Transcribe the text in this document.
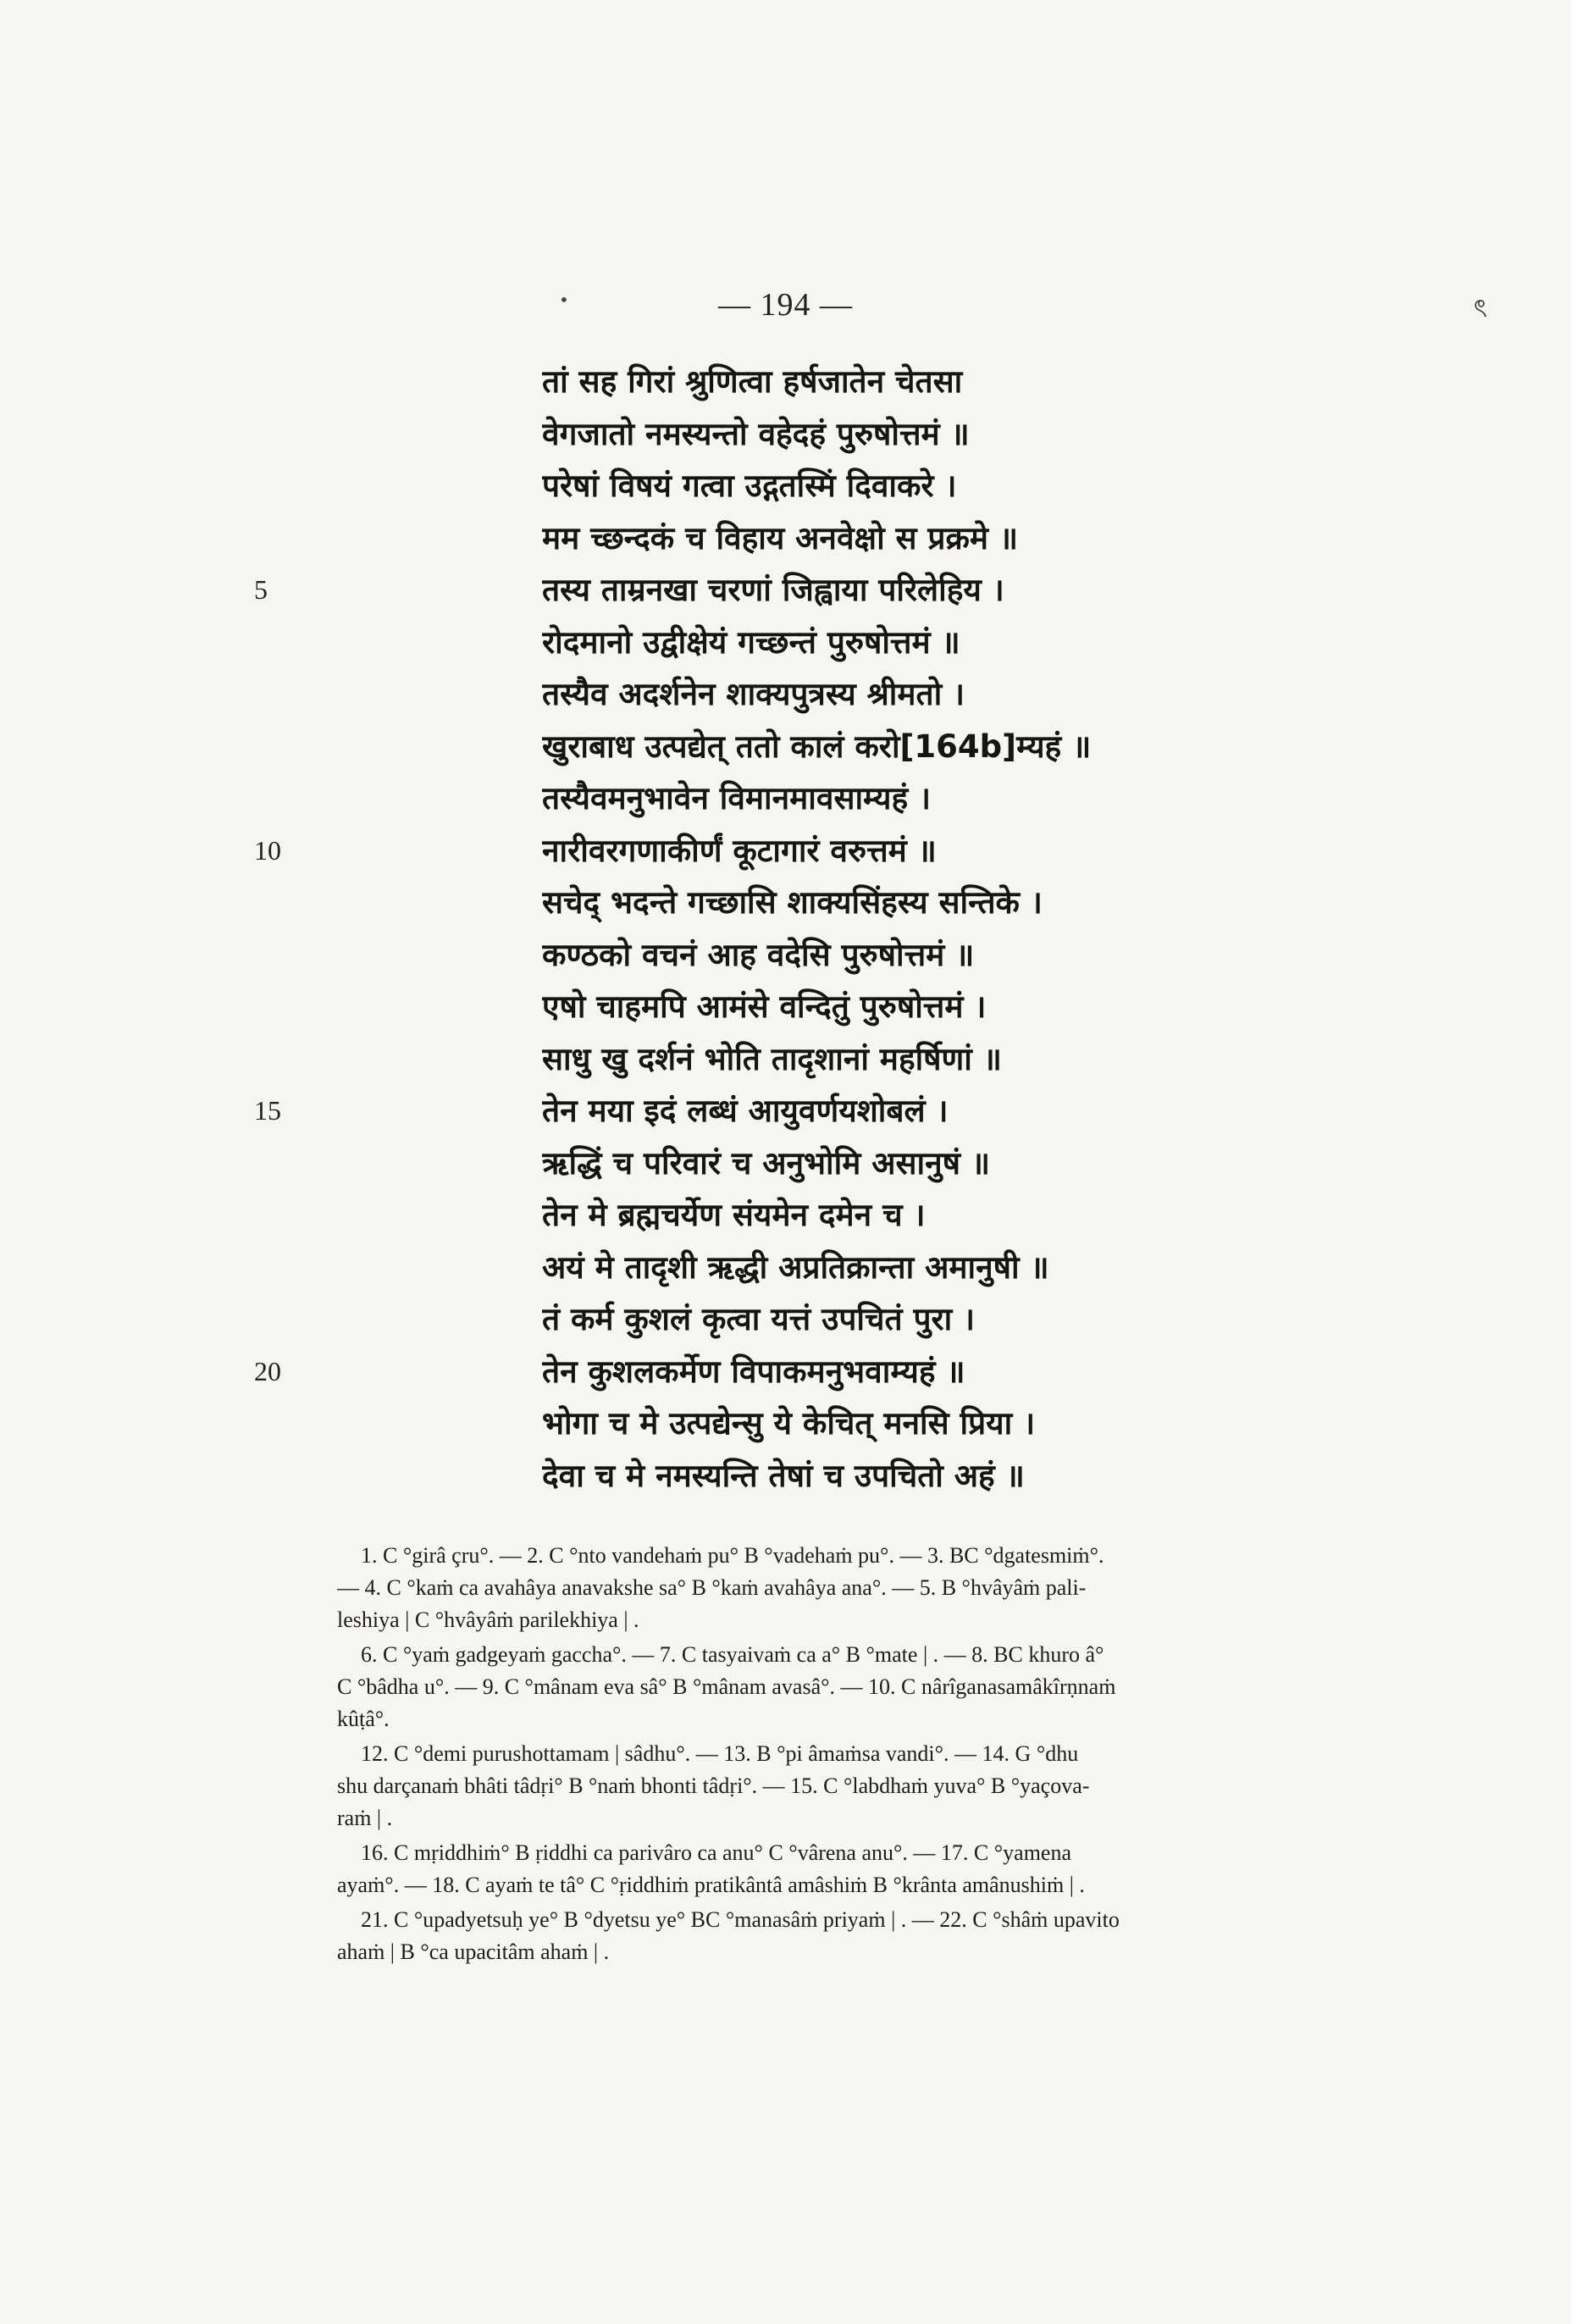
•	ৎ
— 194 —
5
10
15
20
तां सह गिरां श्रुणित्वा हर्षजातेन चेतसा
वेगजातो नमस्यन्तो वहेदहं पुरुषोत्तमं ॥
परेषां विषयं गत्वा उद्गतस्मिं दिवाकरे ।
मम च्छन्दकं च विहाय अनवेक्षो स प्रक्रमे ॥
तस्य ताम्रनखा चरणां जिह्वाया परिलेहिय ।
रोदमानो उद्वीक्षेयं गच्छन्तं पुरुषोत्तमं ॥
तस्यैव अदर्शनेन शाक्यपुत्रस्य श्रीमतो ।
खुराबाध उत्पद्येत् ततो कालं करो[164b]म्यहं ॥
तस्यैवमनुभावेन विमानमावसाम्यहं ।
नारीवरगणाकीर्णं कूटागारं वरुत्तमं ॥
सचेद् भदन्ते गच्छासि शाक्यसिंहस्य सन्तिके ।
कण्ठको वचनं आह वदेसि पुरुषोत्तमं ॥
एषो चाहमपि आमंसे वन्दितुं पुरुषोत्तमं ।
साधु खु दर्शनं भोति तादृशानां महर्षिणां ॥
तेन मया इदं लब्धं आयुवर्णयशोबलं ।
ऋद्धिं च परिवारं च अनुभोमि असानुषं ॥
तेन मे ब्रह्मचर्येण संयमेन दमेन च ।
अयं मे तादृशी ऋद्धी अप्रतिक्रान्ता अमानुषी ॥
तं कर्म कुशलं कृत्वा यत्तं उपचितं पुरा ।
तेन कुशलकर्मेण विपाकमनुभवाम्यहं ॥
भोगा च मे उत्पद्येन्सु ये केचित् मनसि प्रिया ।
देवा च मे नमस्यन्ति तेषां च उपचितो अहं ॥
1. C °girâ çru°. — 2. C °nto vandehaṁ pu° B °vadehaṁ pu°. — 3. BC °dgatesmiṁ°.
— 4. C °kaṁ ca avahâya anavakshe sa° B °kaṁ avahâya ana°. — 5. B °hvâyâṁ pali-
leshiya | C °hvâyâṁ parilekhiya | .
6. C °yaṁ gadgeyaṁ gaccha°. — 7. C tasyaivaṁ ca a° B °mate | . — 8. BC khuro â°
C °bâdha u°. — 9. C °mânam eva sâ° B °mânam avasâ°. — 10. C nârîganasamâkîrṇnaṁ
kûṭâ°.
12. C °demi purushottamam | sâdhu°. — 13. B °pi âmaṁsa vandi°. — 14. G °dhu
shu darçanaṁ bhâti tâdṛi° B °naṁ bhonti tâdṛi°. — 15. C °labdhaṁ yuva° B °yaçova-
raṁ | .
16. C mṛiddhiṁ° B ṛiddhi ca parivâro ca anu° C °vârena anu°. — 17. C °yamena
ayaṁ°. — 18. C ayaṁ te tâ° C °ṛiddhiṁ pratikântâ amâshiṁ B °krânta amânushiṁ | .
21. C °upadyetsuḥ ye° B °dyetsu ye° BC °manasâṁ priyaṁ | . — 22. C °shâṁ upavito
ahaṁ | B °ca upacitâm ahaṁ | .
